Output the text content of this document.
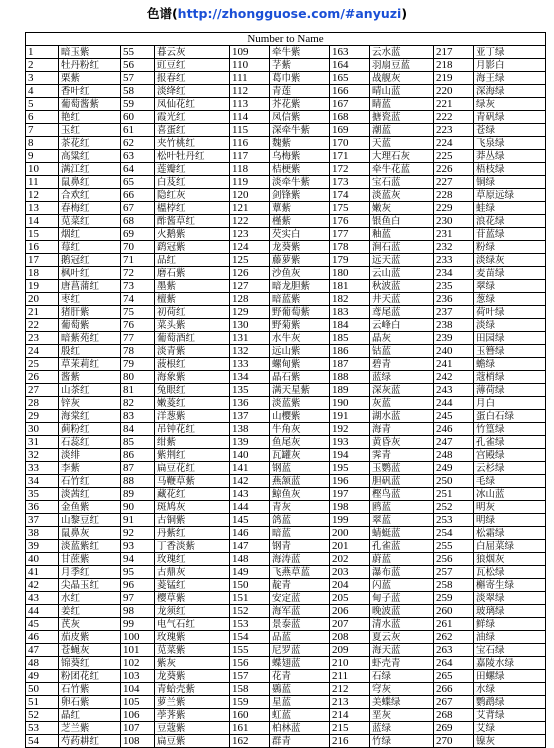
色谱(http://zhongguose.com/#anyuzi)
Number to Name									
1	暗玉紫	55	暮云灰	109	牵牛紫	163	云水蓝	217	亚丁绿
2	牡丹粉红	56	豇豆红	110	芓紫	164	羽扇豆蓝	218	月影白
3	栗紫	57	报春红	111	葛巾紫	165	战舰灰	219	海王绿
4	香叶红	58	淡绛红	112	青莲	166	晴山蓝	220	深海绿
5	葡萄酱紫	59	凤仙花红	113	芥花紫	167	睛蓝	221	绿灰
6	艳红	60	霞光红	114	凤信紫	168	搪瓷蓝	222	青矾绿
7	玉红	61	喜蛋红	115	深牵牛紫	169	潮蓝	223	苍绿
8	茶花红	62	夹竹桃红	116	魏紫	170	天蓝	224	飞泉绿
9	高粱红	63	松叶牡丹红	117	乌梅紫	171	大理石灰	225	莽丛绿
10	满江红	64	莲瓣红	118	桔梗紫	172	牵牛花蓝	226	梧枝绿
11	鼠鼻红	65	白芨红	119	淡牵牛紫	173	宝石蓝	227	铜绿
12	合欢红	66	隐红灰	120	剑锋紫	174	淡蓝灰	228	草原远绿
13	春梅红	67	榲桲红	121	蕈紫	175	嫩灰	229	蛙绿
14	苋菜红	68	酢酱草红	122	槿紫	176	银鱼白	230	浪花绿
15	烟红	69	火鹅紫	123	芡实白	177	釉蓝	231	苷蓝绿
16	莓红	70	鹞冠紫	124	龙葵紫	178	涧石蓝	232	粉绿
17	鹅冠红	71	品红	125	藤萝紫	179	远天蓝	233	淡绿灰
18	枫叶红	72	磨石紫	126	沙鱼灰	180	云山蓝	234	麦苗绿
19	唐菖蒲红	73	墨紫	127	暗龙胆紫	181	秋波蓝	235	翠绿
20	枣红	74	檀紫	128	暗蓝紫	182	井天蓝	236	葱绿
21	猪肝紫	75	初荷红	129	野葡萄紫	183	鸢尾蓝	237	荷叶绿
22	葡萄紫	76	菜头紫	130	野菊紫	184	云峰白	238	淡绿
23	暗紫苑红	77	葡萄酒红	131	水牛灰	185	晶灰	239	田园绿
24	殷红	78	淡青紫	132	远山紫	186	钴蓝	240	玉簪绿
25	草茉莉红	79	菠根红	133	螺甸紫	187	碧青	241	蟾绿
26	酱紫	80	海象紫	134	晶石紫	188	蓝绿	242	蔻梢绿
27	山茶红	81	兔眼红	135	满天星紫	189	深灰蓝	243	薄荷绿
28	锌灰	82	嫩菱红	136	淡蓝紫	190	灰蓝	244	月白
29	海棠红	83	洋葱紫	137	山樱紫	191	湖水蓝	245	蛋白石绿
30	蓟粉红	84	吊钟花红	138	牛角灰	192	海青	246	竹篁绿
31	石蕊红	85	绀紫	139	鱼尾灰	193	黄昏灰	247	孔雀绿
32	淡绯	86	紫荆红	140	瓦罐灰	194	霁青	248	宫殿绿
33	李紫	87	扁豆花红	141	钢蓝	195	玉鹦蓝	249	云杉绿
34	石竹红	88	马鞭草紫	142	燕颔蓝	196	胆矾蓝	250	毛绿
35	淡茜红	89	藏花红	143	鲸鱼灰	197	樫鸟蓝	251	冰山蓝
36	金鱼紫	90	斑鸠灰	144	青灰	198	鸥蓝	252	明灰
37	山黎豆红	91	古铜紫	145	鸽蓝	199	翠蓝	253	明绿
38	鼠鼻灰	92	丹紫红	146	暗蓝	200	蜻蜓蓝	254	松霜绿
39	淡蓝紫红	93	丁香淡紫	147	钢青	201	孔雀蓝	255	白屈菜绿
40	甘蔗紫	94	玫瑰红	148	海涛蓝	202	蔚蓝	256	狼烟灰
41	月季红	95	古鼎灰	149	飞燕草蓝	203	瀑布蓝	257	瓦松绿
42	尖晶玉红	96	菱锰红	150	靛青	204	闪蓝	258	槲寄生绿
43	水红	97	樱草紫	151	安定蓝	205	甸子蓝	259	淡翠绿
44	姜红	98	龙须红	152	海军蓝	206	晚波蓝	260	玻璃绿
45	芪灰	99	电气石红	153	景泰蓝	207	清水蓝	261	鲜绿
46	茄皮紫	100	玫瑰紫	154	品蓝	208	夏云灰	262	油绿
47	苍蝇灰	101	苋菜紫	155	尼罗蓝	209	海天蓝	263	宝石绿
48	锦葵红	102	紫灰	156	蝶翅蓝	210	虾壳青	264	嘉陵水绿
49	粉团花红	103	龙葵紫	157	花青	211	石绿	265	田螺绿
50	石竹紫	104	青蛤壳紫	158	鷃蓝	212	穹灰	266	水绿
51	卵石紫	105	萝兰紫	159	星蓝	213	美蝶绿	267	鹦鹉绿
52	晶红	106	荸荠紫	160	虹蓝	214	垩灰	268	艾背绿
53	芝兰紫	107	豆蔻紫	161	柏林蓝	215	蓝绿	269	艾绿
54	芍药耕红	108	扁豆紫	162	群青	216	竹绿	270	镍灰
